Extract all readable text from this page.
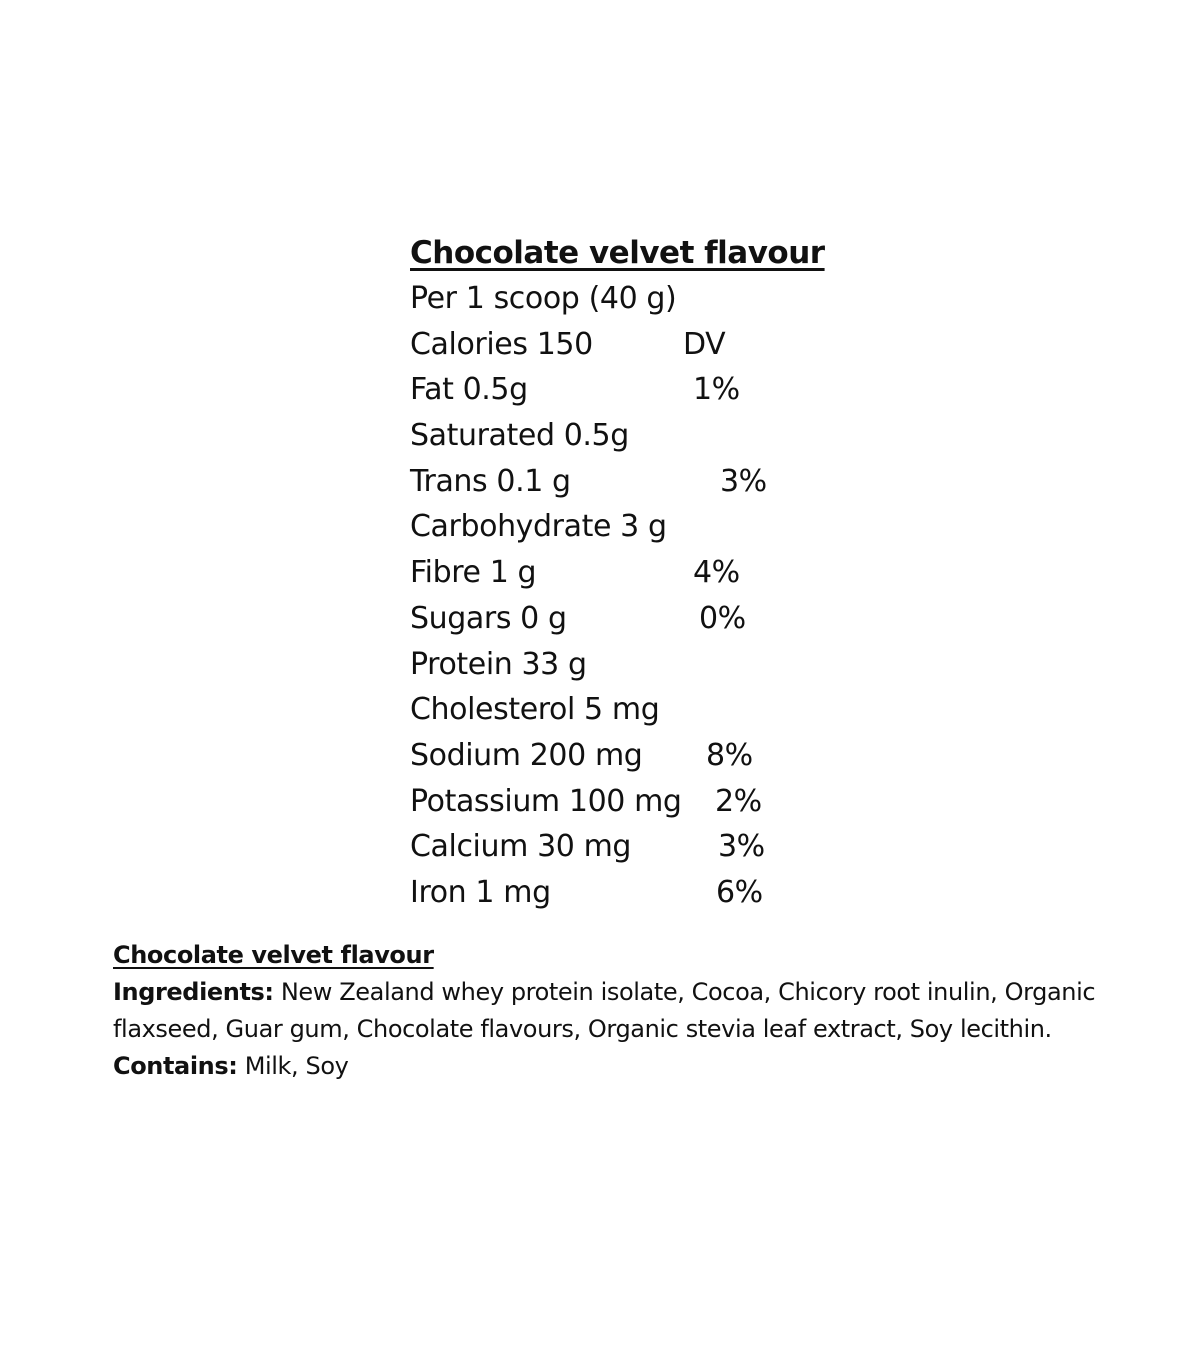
Chocolate velvet flavour
Per 1 scoop (40 g)
Calories 150	DV
Fat 0.5g	1%
Saturated 0.5g
Trans 0.1 g	3%
Carbohydrate 3 g
Fibre 1 g	4%
Sugars 0 g	0%
Protein 33 g
Cholesterol 5 mg
Sodium 200 mg 8%
Potassium 100 mg 2%
Calcium 30 mg	3%
Iron 1 mg	6%
Chocolate velvet flavour
Ingredients: New Zealand whey protein isolate, Cocoa, Chicory root inulin, Organic flaxseed, Guar gum, Chocolate flavours, Organic stevia leaf extract, Soy lecithin.
Contains: Milk, Soy
